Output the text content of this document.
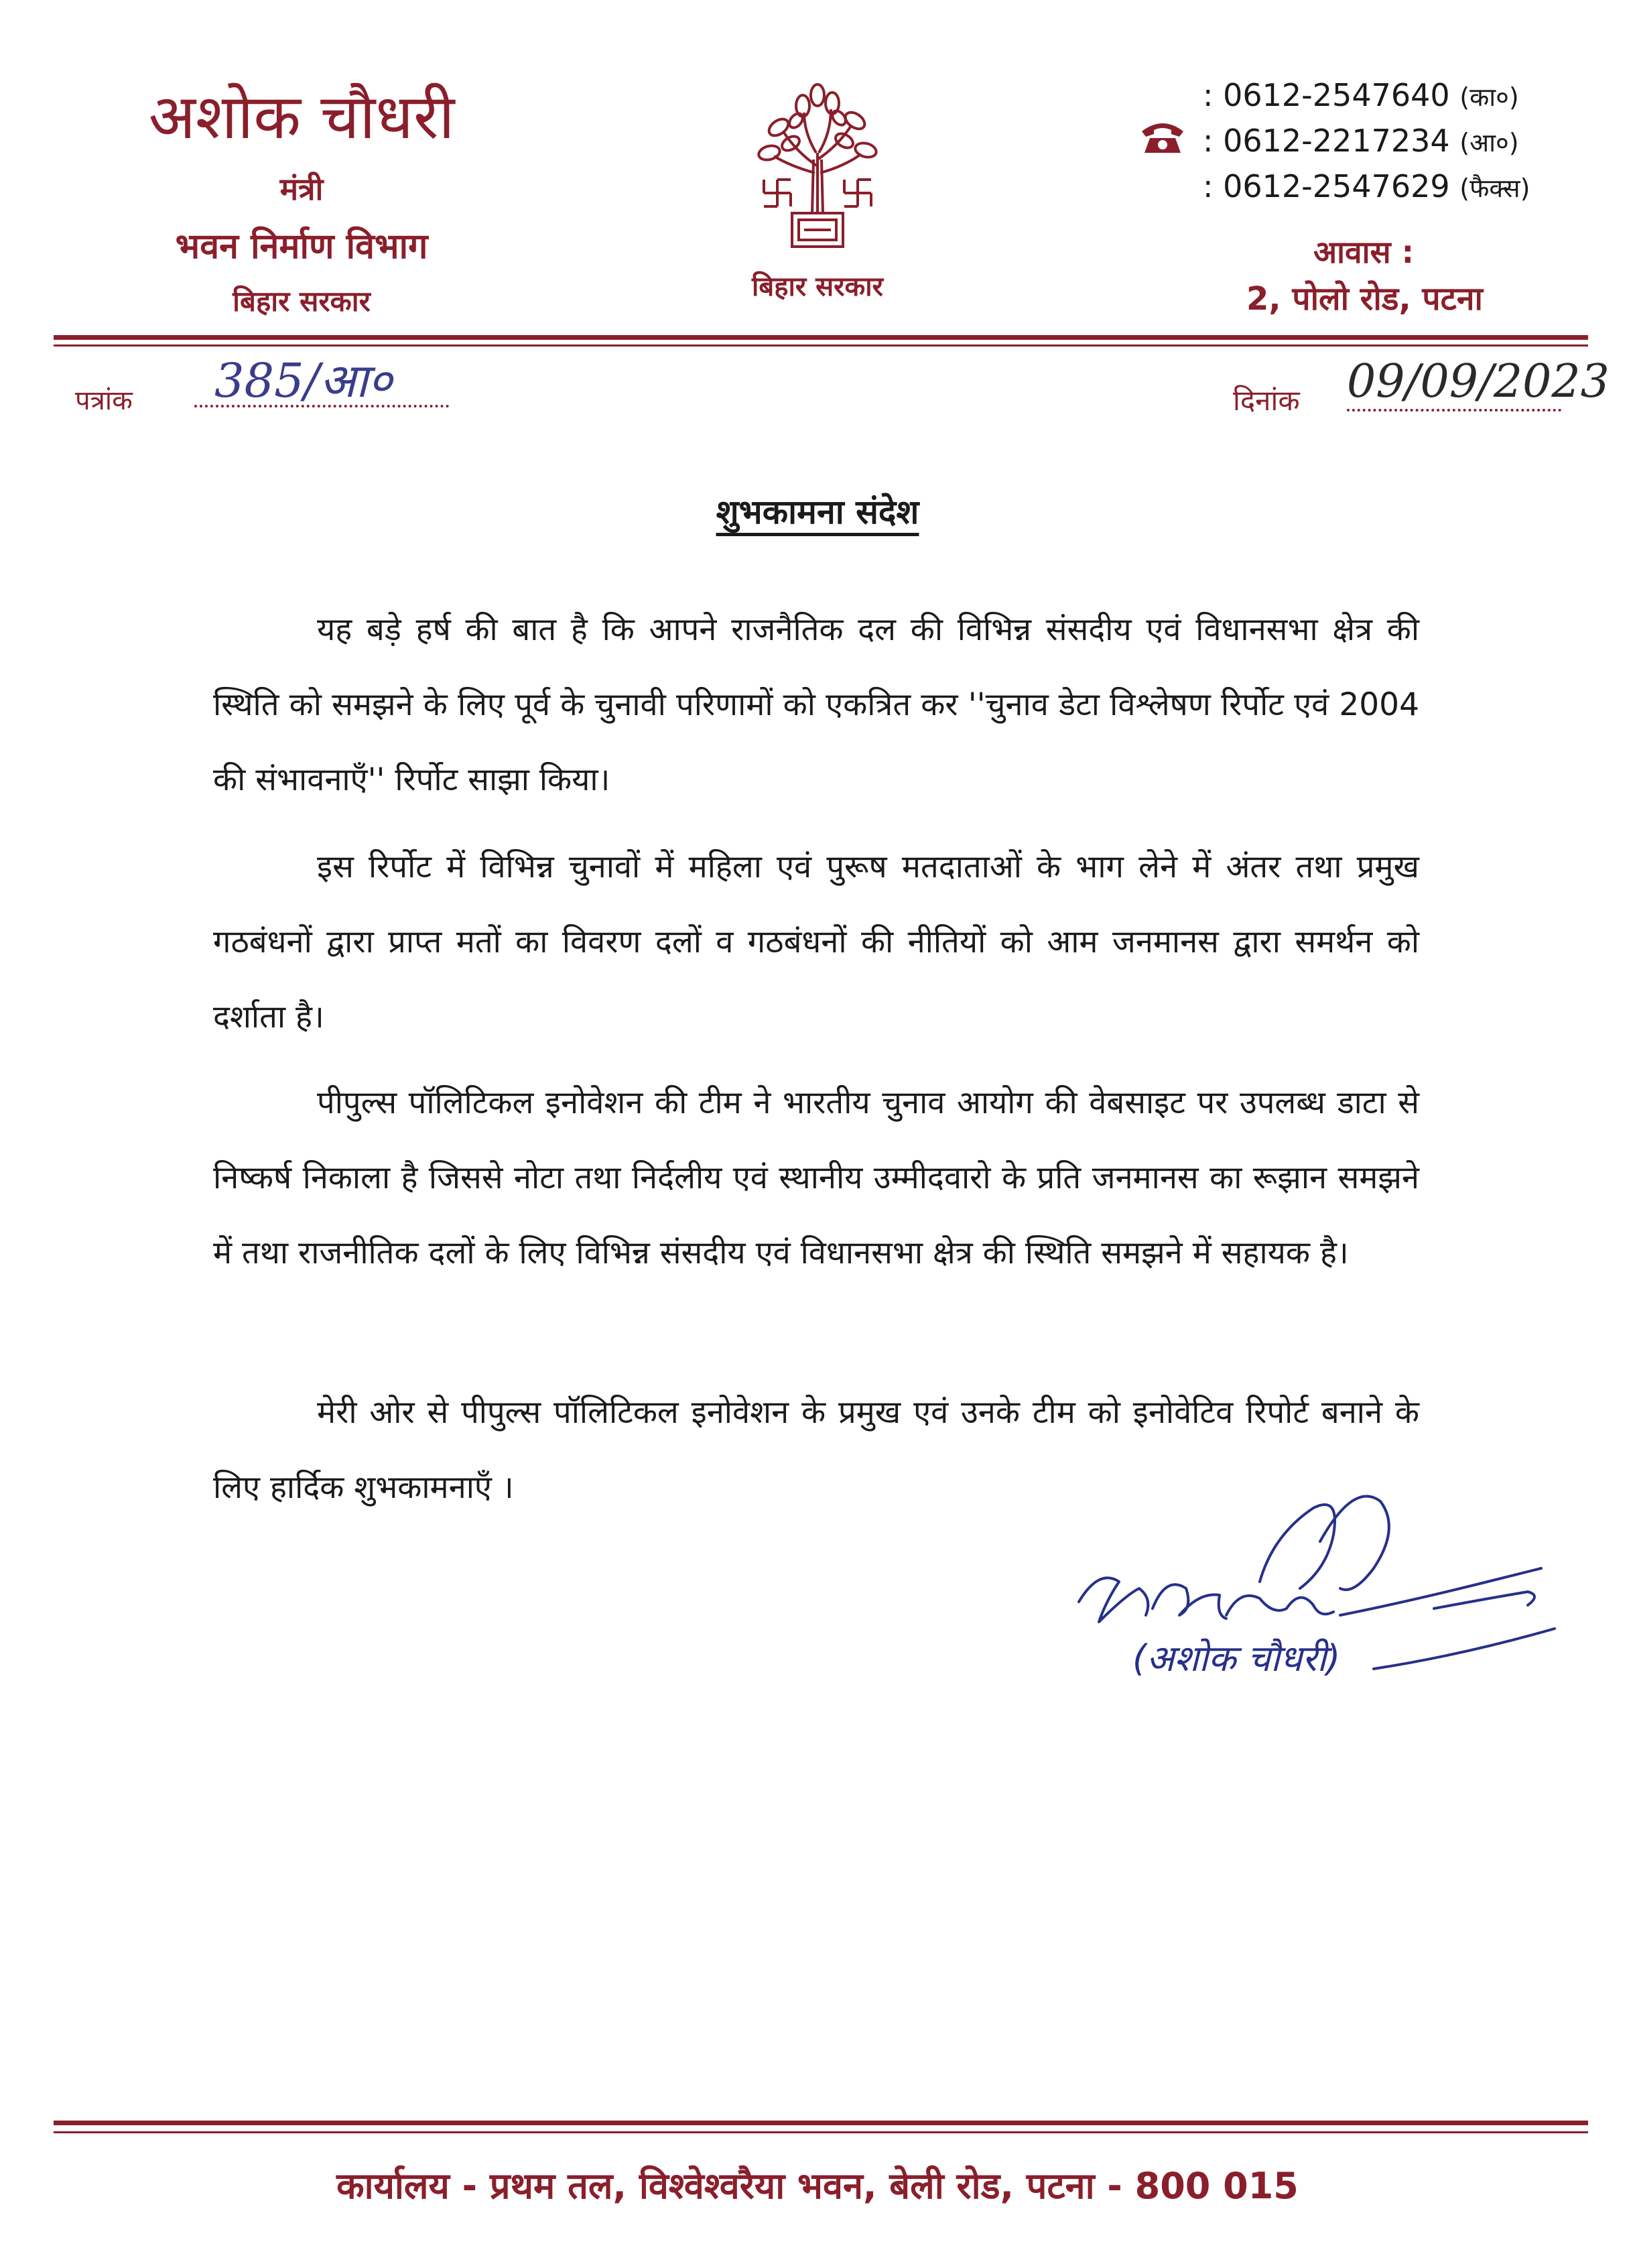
अशोक चौधरी
मंत्री
भवन निर्माण विभाग
बिहार सरकार	बिहार सरकार
: 0612-2547640 (का०)
: 0612-2217234 (आ०)
: 0612-2547629 (फैक्स)
आवास :
2, पोलो रोड, पटना
पत्रांक	385/आ०	दिनांक 09/09/2023
शुभकामना संदेश
यह बड़े हर्ष की बात है कि आपने राजनैतिक दल की विभिन्न संसदीय एवं विधानसभा क्षेत्र की स्थिति को समझने के लिए पूर्व के चुनावी परिणामों को एकत्रित कर ''चुनाव डेटा विश्लेषण रिर्पोट एवं 2004 की संभावनाएँ'' रिर्पोट साझा किया।
इस रिर्पोट में विभिन्न चुनावों में महिला एवं पुरूष मतदाताओं के भाग लेने में अंतर तथा प्रमुख गठबंधनों द्वारा प्राप्त मतों का विवरण दलों व गठबंधनों की नीतियों को आम जनमानस द्वारा समर्थन को दर्शाता है।
पीपुल्स पॉलिटिकल इनोवेशन की टीम ने भारतीय चुनाव आयोग की वेबसाइट पर उपलब्ध डाटा से निष्कर्ष निकाला है जिससे नोटा तथा निर्दलीय एवं स्थानीय उम्मीदवारो के प्रति जनमानस का रूझान समझने में तथा राजनीतिक दलों के लिए विभिन्न संसदीय एवं विधानसभा क्षेत्र की स्थिति समझने में सहायक है।
मेरी ओर से पीपुल्स पॉलिटिकल इनोवेशन के प्रमुख एवं उनके टीम को इनोवेटिव रिपोर्ट बनाने के लिए हार्दिक शुभकामनाएँ ।
(अशोक चौधरी)
कार्यालय - प्रथम तल, विश्वेश्वरैया भवन, बेली रोड, पटना - 800 015
